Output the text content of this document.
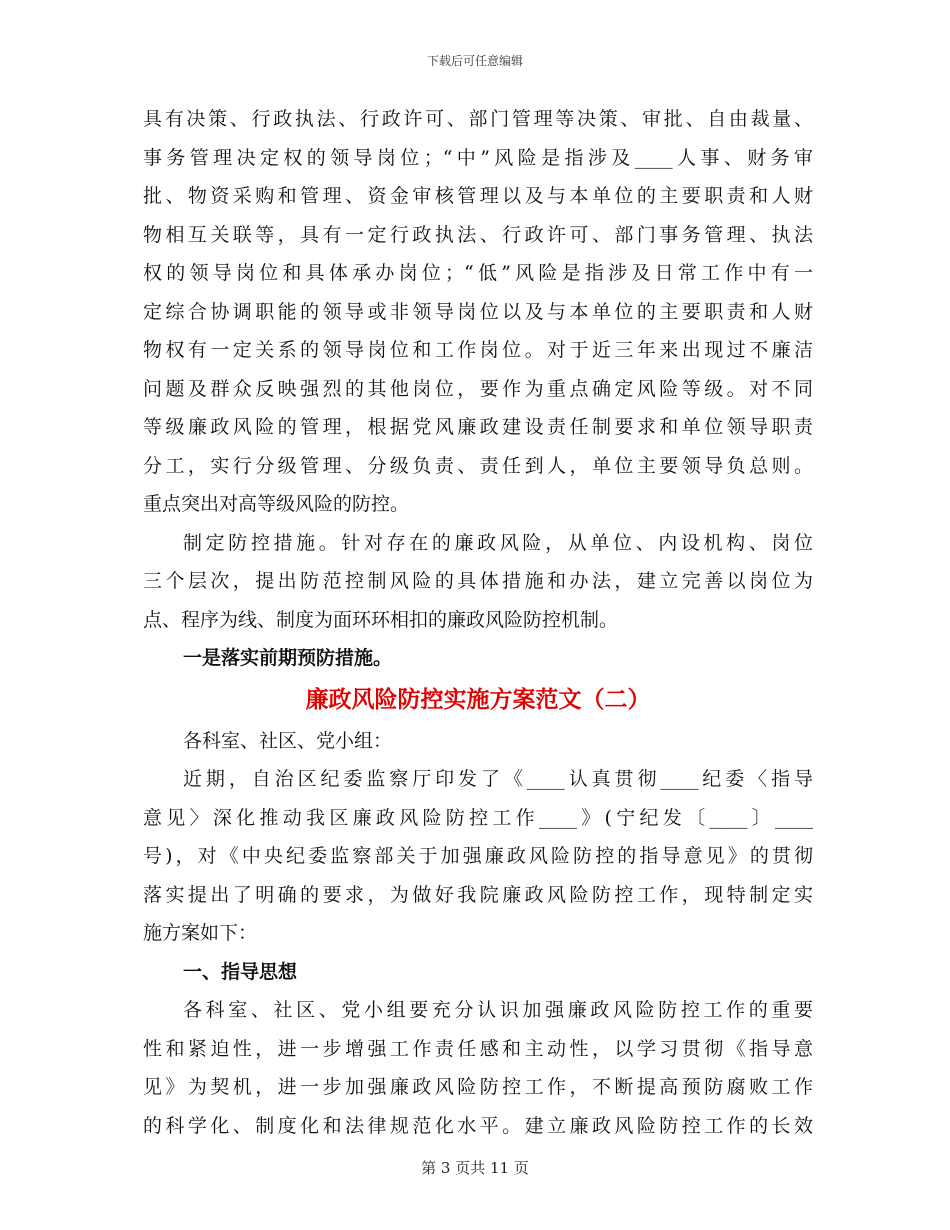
下载后可任意编辑
具有决策、行政执法、行政许可、部门管理等决策、审批、自由裁量、
事务管理决定权的领导岗位；“中”风险是指涉及____人事、财务审
批、物资采购和管理、资金审核管理以及与本单位的主要职责和人财
物相互关联等，具有一定行政执法、行政许可、部门事务管理、执法
权的领导岗位和具体承办岗位；“低”风险是指涉及日常工作中有一
定综合协调职能的领导或非领导岗位以及与本单位的主要职责和人财
物权有一定关系的领导岗位和工作岗位。对于近三年来出现过不廉洁
问题及群众反映强烈的其他岗位，要作为重点确定风险等级。对不同
等级廉政风险的管理，根据党风廉政建设责任制要求和单位领导职责
分工，实行分级管理、分级负责、责任到人，单位主要领导负总则。
重点突出对高等级风险的防控。
制定防控措施。针对存在的廉政风险，从单位、内设机构、岗位
三个层次，提出防范控制风险的具体措施和办法，建立完善以岗位为
点、程序为线、制度为面环环相扣的廉政风险防控机制。
一是落实前期预防措施。
廉政风险防控实施方案范文（二）
各科室、社区、党小组：
近期，自治区纪委监察厅印发了《____认真贯彻____纪委〈指导
意见〉深化推动我区廉政风险防控工作____》(宁纪发〔____〕____
号)，对《中央纪委监察部关于加强廉政风险防控的指导意见》的贯彻
落实提出了明确的要求，为做好我院廉政风险防控工作，现特制定实
施方案如下：
一、指导思想
各科室、社区、党小组要充分认识加强廉政风险防控工作的重要
性和紧迫性，进一步增强工作责任感和主动性，以学习贯彻《指导意
见》为契机，进一步加强廉政风险防控工作，不断提高预防腐败工作
的科学化、制度化和法律规范化水平。建立廉政风险防控工作的长效
第 3 页共 11 页
